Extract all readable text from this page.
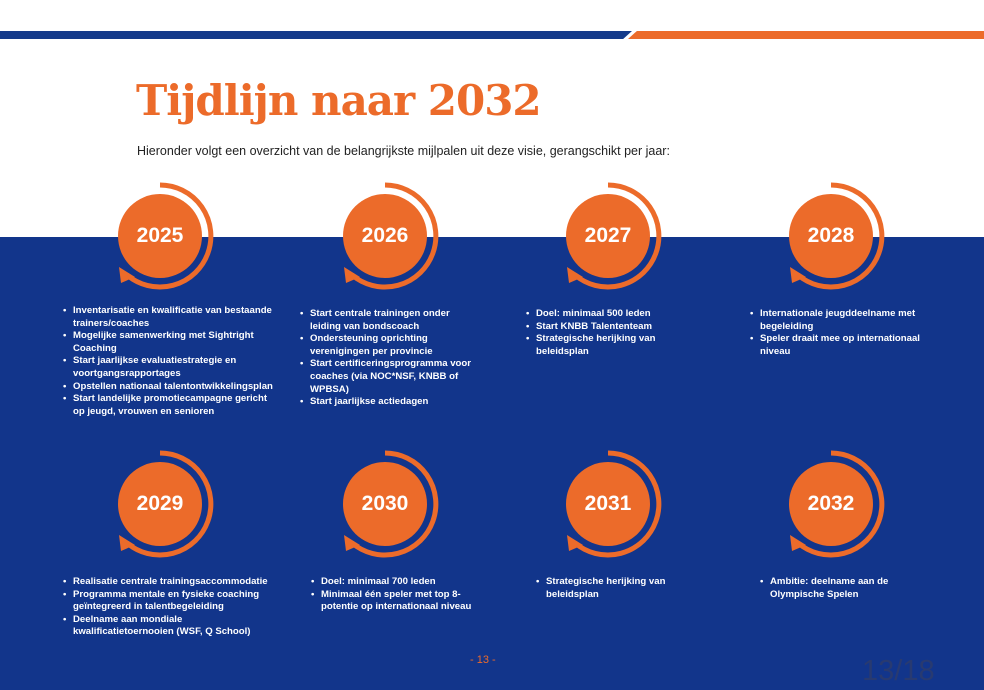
Tijdlijn naar 2032

Hieronder volgt een overzicht van de belangrijkste mijlpalen uit deze visie, gerangschikt per jaar:

2025
• Inventarisatie en kwalificatie van bestaande trainers/coaches
• Mogelijke samenwerking met Sightright Coaching
• Start jaarlijkse evaluatiestrategie en voortgangsrapportages
• Opstellen nationaal talentontwikkelingsplan
• Start landelijke promotiecampagne gericht op jeugd, vrouwen en senioren
2026
• Start centrale trainingen onder leiding van bondscoach
• Ondersteuning oprichting verenigingen per provincie
• Start certificeringsprogramma voor coaches (via NOC*NSF, KNBB of WPBSA)
• Start jaarlijkse actiedagen
2027
• Doel: minimaal 500 leden
• Start KNBB Talententeam
• Strategische herijking van beleidsplan
2028
• Internationale jeugddeelname met begeleiding
• Speler draait mee op internationaal niveau
2029
• Realisatie centrale trainingsaccommodatie
• Programma mentale en fysieke coaching geïntegreerd in talentbegeleiding
• Deelname aan mondiale kwalificatietoernooien (WSF, Q School)
2030
• Doel: minimaal 700 leden
• Minimaal één speler met top 8-potentie op internationaal niveau
2031
• Strategische herijking van beleidsplan
2032
• Ambitie: deelname aan de Olympische Spelen
- 13 -	13/18
